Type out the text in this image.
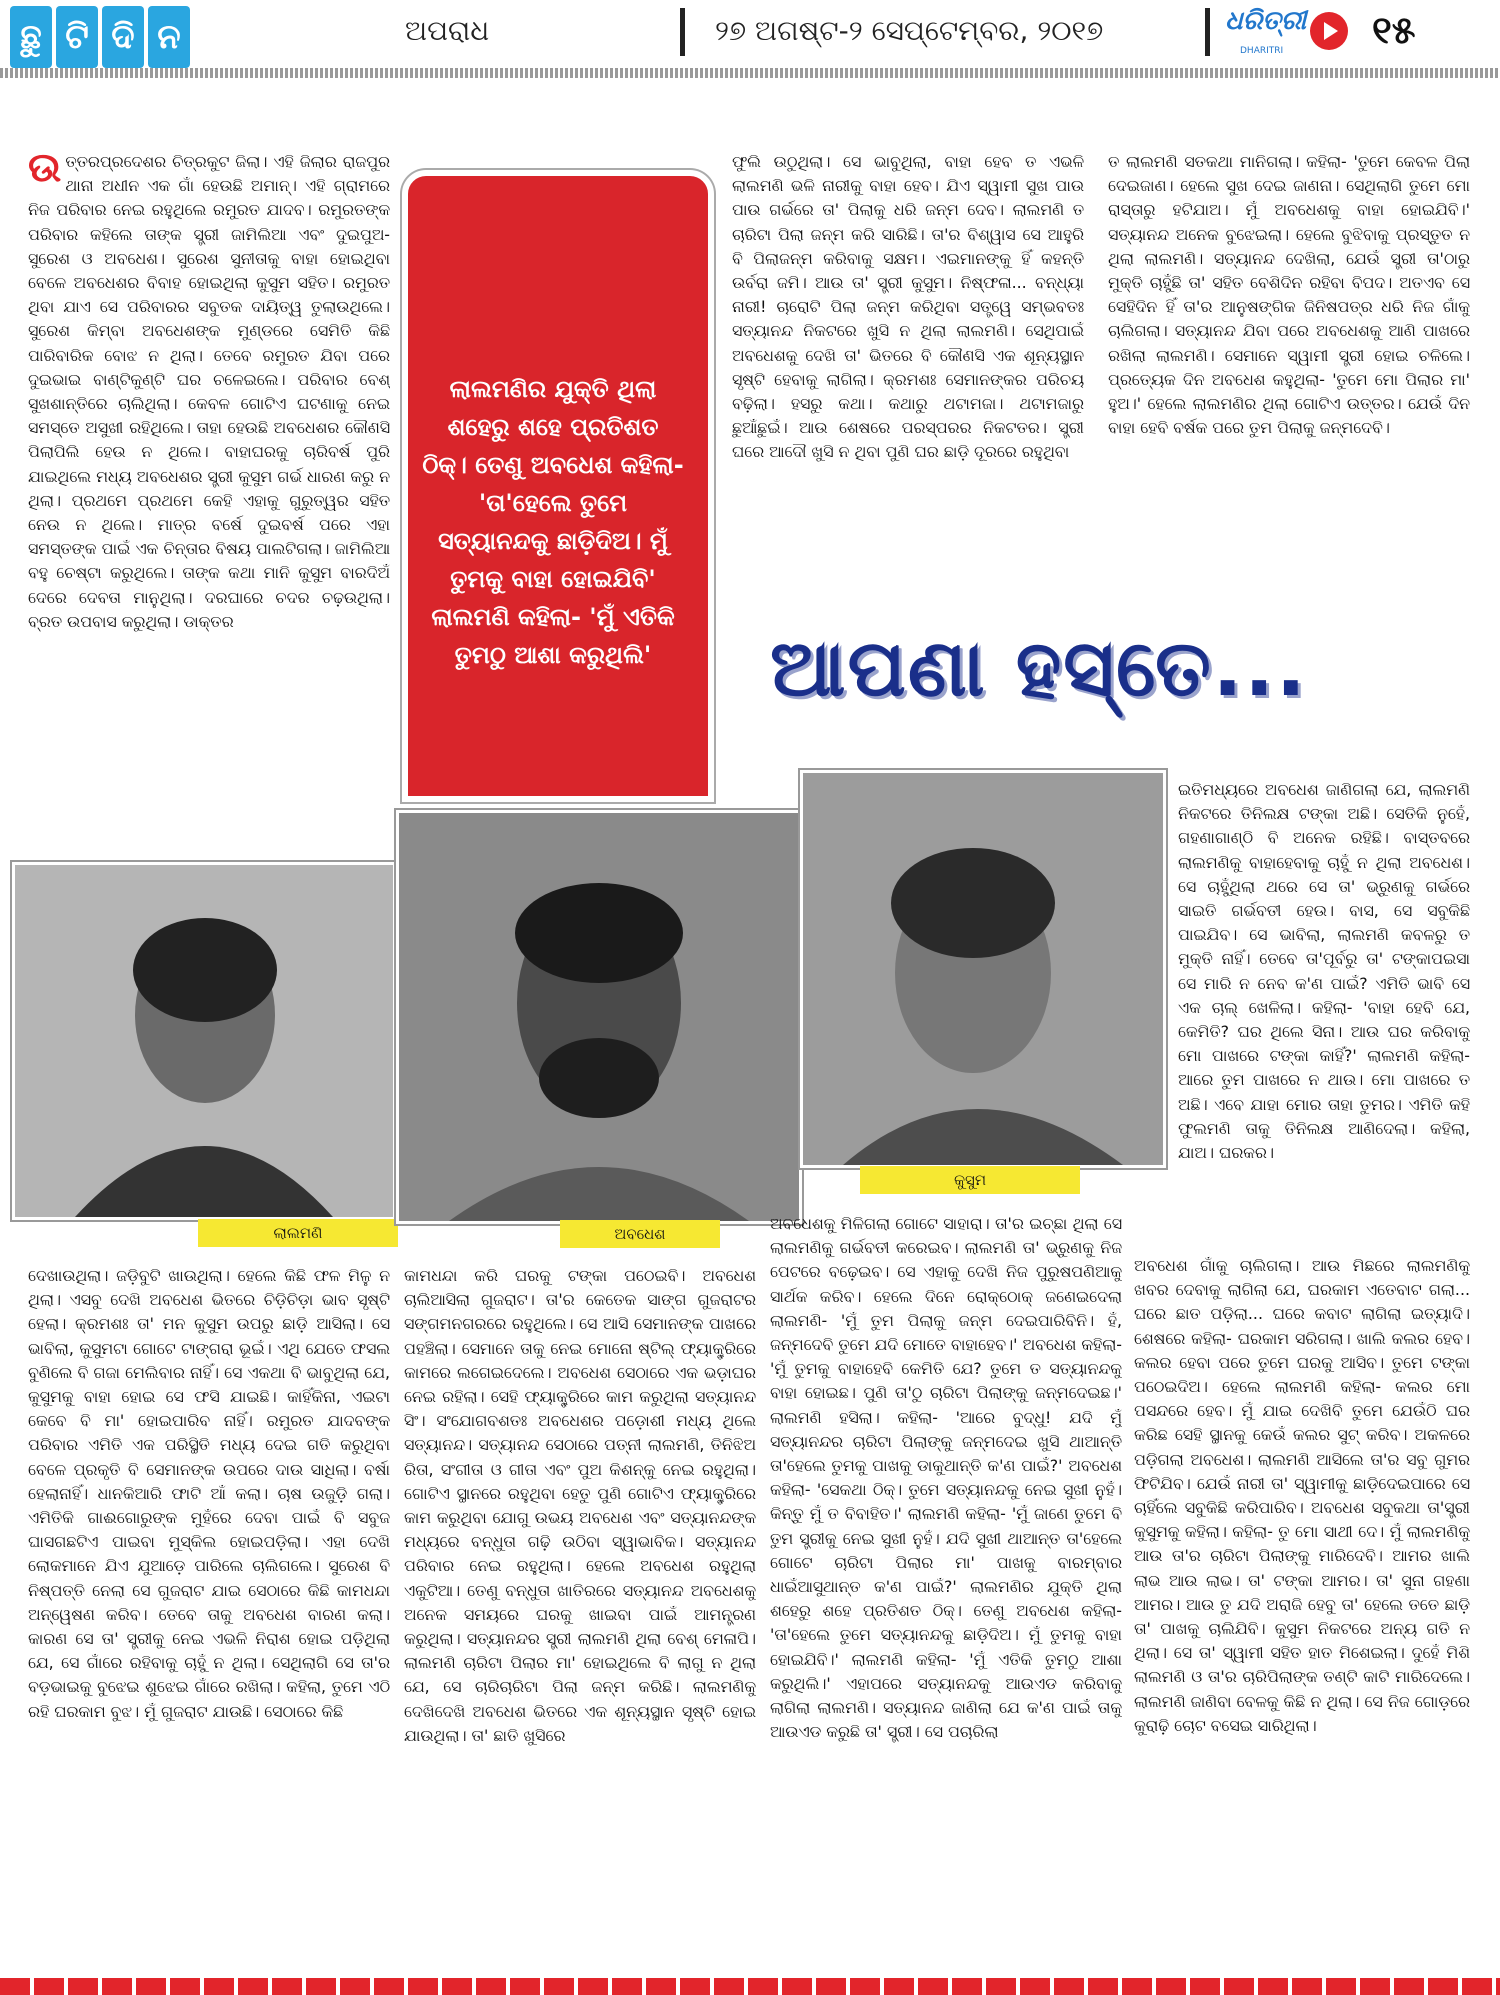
ଛୁ ଟି ଦି ନ	ଅପରାଧ	୨୭ ଅଗଷ୍ଟ-୨ ସେପ୍ଟେମ୍ବର, ୨୦୧୭	ଧରିତ୍ରୀ
DHARITRI ୧୫
ଉତ୍ତରପ୍ରଦେଶର ଚିତ୍ରକୁଟ ଜିଲା। ଏହି ଜିଲାର ରାଜପୁର ଥାନା ଅଧୀନ ଏକ ଗାଁ ହେଉଛି ଅମାନ୍। ଏହି ଗ୍ରାମରେ ନିଜ ପରିବାର ନେଇ ରହୁଥିଲେ ରମୁରତ ଯାଦବ। ରମୁରତଙ୍କ ପରିବାର କହିଲେ ତାଙ୍କ ସ୍ତ୍ରୀ ଜାମିଲିଆ ଏବଂ ଦୁଇପୁଅ- ସୁରେଶ ଓ ଅବଧେଶ। ସୁରେଶ ସୁନୀତାକୁ ବାହା ହୋଇଥିବା ବେଳେ ଅବଧେଶର ବିବାହ ହୋଇଥିଲା କୁସୁମ ସହିତ। ରମୁରତ ଥିବା ଯାଏ ସେ ପରିବାରର ସବୁତକ ଦାୟିତ୍ୱ ତୁଲାଉଥିଲେ। ସୁରେଶ କିମ୍ବା ଅବଧେଶଙ୍କ ମୁଣ୍ଡରେ ସେମିତି କିଛି ପାରିବାରିକ ବୋଝ ନ ଥିଲା। ତେବେ ରମୁରତ ଯିବା ପରେ ଦୁଇଭାଇ ବାଣ୍ଟିକୁଣ୍ଟି ଘର ଚଳେଇଲେ। ପରିବାର ବେଶ୍ ସୁଖଶାନ୍ତିରେ ଚାଲିଥିଲା। କେବଳ ଗୋଟିଏ ଘଟଣାକୁ ନେଇ ସମସ୍ତେ ଅସୁଖୀ ରହିଥିଲେ। ତାହା ହେଉଛି ଅବଧେଶର କୌଣସି ପିଲାପିଲି ହେଉ ନ ଥିଲେ। ବାହାଘରକୁ ଚାରିବର୍ଷ ପୁରି ଯାଇଥିଲେ ମଧ୍ୟ ଅବଧେଶର ସ୍ତ୍ରୀ କୁସୁମ ଗର୍ଭ ଧାରଣ କରୁ ନ ଥିଲା। ପ୍ରଥମେ ପ୍ରଥମେ କେହି ଏହାକୁ ଗୁରୁତ୍ୱର ସହିତ ନେଉ ନ ଥିଲେ। ମାତ୍ର ବର୍ଷେ ଦୁଇବର୍ଷ ପରେ ଏହା ସମସ୍ତଙ୍କ ପାଇଁ ଏକ ଚିନ୍ତାର ବିଷୟ ପାଲଟିଗଲା। ଜାମିଲିଆ ବହୁ ଚେଷ୍ଟା କରୁଥିଲେ। ତାଙ୍କ କଥା ମାନି କୁସୁମ ବାରଦିଅଁ ଦେରେ ଦେବତା ମାନୁଥିଲା। ଦରଘାରେ ଚଦର ଚଢ଼ଉଥିଲା। ବ୍ରତ ଉପବାସ କରୁଥିଲା। ଡାକ୍ତର

ଫୁଲି ଉଠୁଥିଲା। ସେ ଭାବୁଥିଲା, ବାହା ହେବ ତ ଏଭଳି ଲାଲମଣି ଭଳି ନାରୀକୁ ବାହା ହେବ। ଯିଏ ସ୍ୱାମୀ ସୁଖ ପାଉ ପାଉ ଗର୍ଭରେ ତା' ପିଲାକୁ ଧରି ଜନ୍ମ ଦେବ। ଲାଲମଣି ତ ଚାରିଟା ପିଲା ଜନ୍ମ କରି ସାରିଛି। ତା'ର ବିଶ୍ୱାସ ସେ ଆହୁରି ବି ପିଲାଜନ୍ମ କରିବାକୁ ସକ୍ଷମ। ଏଇମାନଙ୍କୁ ହିଁ କହନ୍ତି ଉର୍ବରା ଜମି। ଆଉ ତା' ସ୍ତ୍ରୀ କୁସୁମ। ନିଷ୍ଫଳା... ବନ୍ଧ୍ୟା ନାରୀ! ଚାରୋଟି ପିଲା ଜନ୍ମ କରିଥିବା ସତ୍ତ୍ୱେ ସମ୍ଭବତଃ ସତ୍ୟାନନ୍ଦ ନିକଟରେ ଖୁସି ନ ଥିଲା ଲାଲମଣି। ସେଥିପାଇଁ ଅବଧେଶକୁ ଦେଖି ତା' ଭିତରେ ବି କୌଣସି ଏକ ଶୂନ୍ୟସ୍ଥାନ ସୃଷ୍ଟି ହେବାକୁ ଲାଗିଲା। କ୍ରମଶଃ ସେମାନଙ୍କର ପରିଚୟ ବଢ଼ିଲା। ହସରୁ କଥା। କଥାରୁ ଥଟାମଜା। ଥଟାମଜାରୁ ଛୁଆଁଛୁଇଁ। ଆଉ ଶେଷରେ ପରସ୍ପରର ନିକଟତର। ସ୍ତ୍ରୀ ଘରେ ଆଦୌ ଖୁସି ନ ଥିବା ପୁଣି ଘର ଛାଡ଼ି ଦୂରରେ ରହୁଥିବା

ତ ଲାଲମଣି ସତକଥା ମାନିଗଲା। କହିଲା- 'ତୁମେ କେବଳ ପିଲା ଦେଇଜାଣ। ହେଲେ ସୁଖ ଦେଇ ଜାଣନା। ସେଥିଲାଗି ତୁମେ ମୋ ରାସ୍ତାରୁ ହଟିଯାଅ। ମୁଁ ଅବଧେଶକୁ ବାହା ହୋଇଯିବି।' ସତ୍ୟାନନ୍ଦ ଅନେକ ବୁଝେଇଲା। ହେଲେ ବୁଝିବାକୁ ପ୍ରସ୍ତୁତ ନ ଥିଲା ଲାଲମଣି। ସତ୍ୟାନନ୍ଦ ଦେଖିଲା, ଯେଉଁ ସ୍ତ୍ରୀ ତା'ଠାରୁ ମୁକ୍ତି ଚାହୁଁଛି ତା' ସହିତ ବେଶିଦିନ ରହିବା ବିପଦ। ଅତଏବ ସେ ସେହିଦିନ ହିଁ ତା'ର ଆନୁଷଙ୍ଗିକ ଜିନିଷପତ୍ର ଧରି ନିଜ ଗାଁକୁ ଚାଲିଗଲା। ସତ୍ୟାନନ୍ଦ ଯିବା ପରେ ଅବଧେଶକୁ ଆଣି ପାଖରେ ରଖିଲା ଲାଲମଣି। ସେମାନେ ସ୍ୱାମୀ ସ୍ତ୍ରୀ ହୋଇ ଚଳିଲେ। ପ୍ରତ୍ୟେକ ଦିନ ଅବଧେଶ କହୁଥିଲା- 'ତୁମେ ମୋ ପିଲାର ମା' ହୁଅ।' ହେଲେ ଲାଲମଣିର ଥିଲା ଗୋଟିଏ ଉତ୍ତର। ଯେଉଁ ଦିନ ବାହା ହେବି ବର୍ଷକ ପରେ ତୁମ ପିଲାକୁ ଜନ୍ମଦେବି।

ଲାଲମଣିର ଯୁକ୍ତି ଥିଲା ଶହେରୁ ଶହେ ପ୍ରତିଶତ ଠିକ୍। ତେଣୁ ଅବଧେଶ କହିଲା- 'ତା'ହେଲେ ତୁମେ ସତ୍ୟାନନ୍ଦକୁ ଛାଡ଼ିଦିଅ। ମୁଁ ତୁମକୁ ବାହା ହୋଇଯିବି' ଲାଲମଣି କହିଲା- 'ମୁଁ ଏତିକି ତୁମଠୁ ଆଶା କରୁଥିଲି'	ଆପଣା ହସ୍ତେ...

ଇତିମଧ୍ୟରେ ଅବଧେଶ ଜାଣିଗଲା ଯେ, ଲାଲମଣି ନିକଟରେ ତିନିଲକ୍ଷ ଟଙ୍କା ଅଛି। ସେତିକି ନୁହେଁ, ଗହଣାଗାଣ୍ଠି ବି ଅନେକ ରହିଛି। ବାସ୍ତବରେ ଲାଲମଣିକୁ ବାହାହେବାକୁ ଚାହୁଁ ନ ଥିଲା ଅବଧେଶ। ସେ ଚାହୁଁଥିଲା ଥରେ ସେ ତା' ଭ୍ରୁଣକୁ ଗର୍ଭରେ ସାଇତି ଗର୍ଭବତୀ ହେଉ। ବାସ, ସେ ସବୁକିଛି ପାଇଯିବ। ସେ ଭାବିଲା, ଲାଲମଣି କବଳରୁ ତ ମୁକ୍ତି ନାହିଁ। ତେବେ ତା'ପୂର୍ବରୁ ତା' ଟଙ୍କାପଇସା ସେ ମାରି ନ ନେବ କ'ଣ ପାଇଁ? ଏମିତି ଭାବି ସେ ଏକ ଚାଲ୍ ଖେଳିଲା। କହିଲା- 'ବାହା ହେବି ଯେ, କେମିତି? ଘର ଥିଲେ ସିନା। ଆଉ ଘର କରିବାକୁ ମୋ ପାଖରେ ଟଙ୍କା କାହିଁ?' ଲାଲମଣି କହିଲା- ଆରେ ତୁମ ପାଖରେ ନ ଥାଉ। ମୋ ପାଖରେ ତ ଅଛି। ଏବେ ଯାହା ମୋର ତାହା ତୁମର। ଏମିତି କହି ଫୁଲମଣି ତାକୁ ତିନିଲକ୍ଷ ଆଣିଦେଲା। କହିଲା, ଯାଅ। ଘରକର।

ଲାଲମଣି	ଅବଧେଶ
କୁସୁମ

ଦେଖାଉଥିଲା। ଜଡ଼ିବୁଟି ଖାଉଥିଲା। ହେଲେ କିଛି ଫଳ ମିଳୁ ନ ଥିଲା। ଏସବୁ ଦେଖି ଅବଧେଶ ଭିତରେ ଚିଡ଼ିଚିଡ଼ା ଭାବ ସୃଷ୍ଟି ହେଲା। କ୍ରମଶଃ ତା' ମନ କୁସୁମ ଉପରୁ ଛାଡ଼ି ଆସିଲା। ସେ ଭାବିଲା, କୁସୁମଟା ଗୋଟେ ଟାଙ୍ଗରା ଭୂଇଁ। ଏଥି ଯେତେ ଫସଲ ବୁଣିଲେ ବି ଗଜା ମେଲିବାର ନାହିଁ। ସେ ଏକଥା ବି ଭାବୁଥିଲା ଯେ, କୁସୁମକୁ ବାହା ହୋଇ ସେ ଫସି ଯାଇଛି। କାହିଁକିନା, ଏଇଟା କେବେ ବି ମା' ହୋଇପାରିବ ନାହିଁ। ରମୁରତ ଯାଦବଙ୍କ ପରିବାର ଏମିତି ଏକ ପରିସ୍ଥିତି ମଧ୍ୟ ଦେଇ ଗତି କରୁଥିବା ବେଳେ ପ୍ରକୃତି ବି ସେମାନଙ୍କ ଉପରେ ଦାଉ ସାଧିଲା। ବର୍ଷା ହେଲାନାହିଁ। ଧାନକିଆରି ଫାଟି ଆଁ କଲା। ଚାଷ ଉଜୁଡ଼ି ଗଲା। ଏମିତିକି ଗାଈଗୋରୁଙ୍କ ମୁହଁରେ ଦେବା ପାଇଁ ବି ସବୁଜ ଘାସଗଛଟିଏ ପାଇବା ମୁସ୍କିଲ ହୋଇପଡ଼ିଲା। ଏହା ଦେଖି ଲୋକମାନେ ଯିଏ ଯୁଆଡ଼େ ପାରିଲେ ଚାଲିଗଲେ। ସୁରେଶ ବି ନିଷ୍ପତ୍ତି ନେଲା ସେ ଗୁଜରାଟ ଯାଇ ସେଠାରେ କିଛି କାମଧନ୍ଦା ଅନ୍ୱେଷଣ କରିବ। ତେବେ ତାକୁ ଅବଧେଶ ବାରଣ କଲା। କାରଣ ସେ ତା' ସ୍ତ୍ରୀକୁ ନେଇ ଏଭଳି ନିରାଶ ହୋଇ ପଡ଼ିଥିଲା ଯେ, ସେ ଗାଁରେ ରହିବାକୁ ଚାହୁଁ ନ ଥିଲା। ସେଥିଲାଗି ସେ ତା'ର ବଡ଼ଭାଇକୁ ବୁଝେଇ ଶୁଝେଇ ଗାଁରେ ରଖିଲା। କହିଲା, ତୁମେ ଏଠି ରହି ଘରକାମ ବୁଝ। ମୁଁ ଗୁଜରାଟ ଯାଉଛି। ସେଠାରେ କିଛି

କାମଧନ୍ଦା କରି ଘରକୁ ଟଙ୍କା ପଠେଇବି। ଅବଧେଶ ଚାଲିଆସିଲା ଗୁଜରାଟ। ତା'ର କେତେକ ସାଙ୍ଗ ଗୁଜରାଟର ସଙ୍ଗମନଗରରେ ରହୁଥିଲେ। ସେ ଆସି ସେମାନଙ୍କ ପାଖରେ ପହଞ୍ଚିଲା। ସେମାନେ ତାକୁ ନେଇ ମୋନୋ ଷ୍ଟିଲ୍ ଫ୍ୟାକ୍ଟ୍ରିରେ କାମରେ ଲଗେଇଦେଲେ। ଅବଧେଶ ସେଠାରେ ଏକ ଭଡ଼ାଘର ନେଇ ରହିଲା। ସେହି ଫ୍ୟାକ୍ଟ୍ରିରେ କାମ କରୁଥିଲା ସତ୍ୟାନନ୍ଦ ସିଂ। ସଂଯୋଗବଶତଃ ଅବଧେଶର ପଡ଼ୋଶୀ ମଧ୍ୟ ଥିଲେ ସତ୍ୟାନନ୍ଦ। ସତ୍ୟାନନ୍ଦ ସେଠାରେ ପତ୍ନୀ ଲାଲମଣି, ତିନିଝିଅ ରିତା, ସଂଗୀତା ଓ ଗୀତା ଏବଂ ପୁଅ କିଶନ୍‌କୁ ନେଇ ରହୁଥିଲା। ଗୋଟିଏ ସ୍ଥାନରେ ରହୁଥିବା ହେତୁ ପୁଣି ଗୋଟିଏ ଫ୍ୟାକ୍ଟ୍ରିରେ କାମ କରୁଥିବା ଯୋଗୁ ଉଭୟ ଅବଧେଶ ଏବଂ ସତ୍ୟାନନ୍ଦଙ୍କ ମଧ୍ୟରେ ବନ୍ଧୁତା ଗଢ଼ି ଉଠିବା ସ୍ୱାଭାବିକ। ସତ୍ୟାନନ୍ଦ ପରିବାର ନେଇ ରହୁଥିଲା। ହେଲେ ଅବଧେଶ ରହୁଥିଲା ଏକୁଟିଆ। ତେଣୁ ବନ୍ଧୁତା ଖାତିରରେ ସତ୍ୟାନନ୍ଦ ଅବଧେଶକୁ ଅନେକ ସମୟରେ ଘରକୁ ଖାଇବା ପାଇଁ ଆମନ୍ତ୍ରଣ କରୁଥିଲା। ସତ୍ୟାନନ୍ଦର ସ୍ତ୍ରୀ ଲାଲମଣି ଥିଲା ବେଶ୍ ମେଳାପି। ଲାଲମଣି ଚାରିଟା ପିଲାର ମା' ହୋଇଥିଲେ ବି ଲାଗୁ ନ ଥିଲା ଯେ, ସେ ଚାରିଚାରିଟା ପିଲା ଜନ୍ମ କରିଛି। ଲାଲମଣିକୁ ଦେଖିଦେଖି ଅବଧେଶ ଭିତରେ ଏକ ଶୂନ୍ୟସ୍ଥାନ ସୃଷ୍ଟି ହୋଇ ଯାଉଥିଲା। ତା' ଛାତି ଖୁସିରେ

ଅବଧେଶକୁ ମିଳିଗଲା ଗୋଟେ ସାହାରା। ତା'ର ଇଚ୍ଛା ଥିଲା ସେ ଲାଲମଣିକୁ ଗର୍ଭବତୀ କରେଇବ। ଲାଲମଣି ତା' ଭ୍ରୁଣକୁ ନିଜ ପେଟରେ ବଢ଼େଇବ। ସେ ଏହାକୁ ଦେଖି ନିଜ ପୁରୁଷପଣିଆକୁ ସାର୍ଥକ କରିବ। ହେଲେ ଦିନେ ରୋକ୍‌ଠୋକ୍ ଜଣେଇଦେଲା ଲାଲମଣି- 'ମୁଁ ତୁମ ପିଲାକୁ ଜନ୍ମ ଦେଇପାରିବିନି। ହଁ, ଜନ୍ମଦେବି ତୁମେ ଯଦି ମୋତେ ବାହାହେବ।' ଅବଧେଶ କହିଲା- 'ମୁଁ ତୁମକୁ ବାହାହେବି କେମିତି ଯେ? ତୁମେ ତ ସତ୍ୟାନନ୍ଦକୁ ବାହା ହୋଇଛ। ପୁଣି ତା'ଠୁ ଚାରିଟା ପିଲାଙ୍କୁ ଜନ୍ମଦେଇଛ।' ଲାଲମଣି ହସିଲା। କହିଲା- 'ଆରେ ବୁଦ୍ଧୁ! ଯଦି ମୁଁ ସତ୍ୟାନନ୍ଦର ଚାରିଟା ପିଲାଙ୍କୁ ଜନ୍ମଦେଇ ଖୁସି ଥାଆନ୍ତି ତା'ହେଲେ ତୁମକୁ ପାଖକୁ ଡାକୁଥାନ୍ତି କ'ଣ ପାଇଁ?' ଅବଧେଶ କହିଲା- 'ସେକଥା ଠିକ୍। ତୁମେ ସତ୍ୟାନନ୍ଦକୁ ନେଇ ସୁଖୀ ନୁହଁ। କିନ୍ତୁ ମୁଁ ତ ବିବାହିତ।' ଲାଲମଣି କହିଲା- 'ମୁଁ ଜାଣେ ତୁମେ ବି ତୁମ ସ୍ତ୍ରୀକୁ ନେଇ ସୁଖୀ ନୁହଁ। ଯଦି ସୁଖୀ ଥାଆନ୍ତ ତା'ହେଲେ ଗୋଟେ ଚାରିଟା ପିଲାର ମା' ପାଖକୁ ବାରମ୍ବାର ଧାଇଁଆସୁଥାନ୍ତ କ'ଣ ପାଇଁ?' ଲାଲମଣିର ଯୁକ୍ତି ଥିଲା ଶହେରୁ ଶହେ ପ୍ରତିଶତ ଠିକ୍। ତେଣୁ ଅବଧେଶ କହିଲା- 'ତା'ହେଲେ ତୁମେ ସତ୍ୟାନନ୍ଦକୁ ଛାଡ଼ିଦିଅ। ମୁଁ ତୁମକୁ ବାହା ହୋଇଯିବି।' ଲାଲମଣି କହିଲା- 'ମୁଁ ଏତିକି ତୁମଠୁ ଆଶା କରୁଥିଲି।' ଏହାପରେ ସତ୍ୟାନନ୍ଦକୁ ଆଉଏଡ କରିବାକୁ ଲାଗିଲା ଲାଲମଣି। ସତ୍ୟାନନ୍ଦ ଜାଣିଲା ଯେ କ'ଣ ପାଇଁ ତାକୁ ଆଉଏଡ କରୁଛି ତା' ସ୍ତ୍ରୀ। ସେ ପଚାରିଲା

ଅବଧେଶ ଗାଁକୁ ଚାଲିଗଲା। ଆଉ ମିଛରେ ଲାଲମଣିକୁ ଖବର ଦେବାକୁ ଲାଗିଲା ଯେ, ଘରକାମ ଏତେବାଟ ଗଲା... ଘରେ ଛାତ ପଡ଼ିଲା... ଘରେ କବାଟ ଲାଗିଲା ଇତ୍ୟାଦି। ଶେଷରେ କହିଲା- ଘରକାମ ସରିଗଲା। ଖାଲି କଲର ହେବ। କଲର ହେବା ପରେ ତୁମେ ଘରକୁ ଆସିବ। ତୁମେ ଟଙ୍କା ପଠେଇଦିଅ। ହେଲେ ଲାଲମଣି କହିଲା- କଲର ମୋ ପସନ୍ଦରେ ହେବ। ମୁଁ ଯାଇ ଦେଖିବି ତୁମେ ଯେଉଁଠି ଘର କରିଛ ସେହି ସ୍ଥାନକୁ କେଉଁ କଲର ସୁଟ୍ କରିବ। ଅକଳରେ ପଡ଼ିଗଲା ଅବଧେଶ। ଲାଲମଣି ଆସିଲେ ତା'ର ସବୁ ଗୁମର ଫିଟିଯିବ। ଯେଉଁ ନାରୀ ତା' ସ୍ୱାମୀକୁ ଛାଡ଼ିଦେଇପାରେ ସେ ଚାହିଁଲେ ସବୁକିଛି କରିପାରିବ। ଅବଧେଶ ସବୁକଥା ତା'ସ୍ତ୍ରୀ କୁସୁମକୁ କହିଲା। କହିଲା- ତୁ ମୋ ସାଥୀ ଦେ। ମୁଁ ଲାଲମଣିକୁ ଆଉ ତା'ର ଚାରିଟା ପିଲାଙ୍କୁ ମାରିଦେବି। ଆମର ଖାଲି ଲାଭ ଆଉ ଲାଭ। ତା' ଟଙ୍କା ଆମର। ତା' ସୁନା ଗହଣା ଆମର। ଆଉ ତୁ ଯଦି ଅରାଜି ହେବୁ ତା' ହେଲେ ତତେ ଛାଡ଼ି ତା' ପାଖକୁ ଚାଲିଯିବି। କୁସୁମ ନିକଟରେ ଅନ୍ୟ ଗତି ନ ଥିଲା। ସେ ତା' ସ୍ୱାମୀ ସହିତ ହାତ ମିଶେଇଲା। ଦୁହେଁ ମିଶି ଲାଲମଣି ଓ ତା'ର ଚାରିପିଲାଙ୍କ ତଣ୍ଟି କାଟି ମାରିଦେଲେ। ଲାଲମଣି ଜାଣିବା ବେଳକୁ କିଛି ନ ଥିଲା। ସେ ନିଜ ଗୋଡ଼ରେ କୁରାଢ଼ି ଚୋଟ ବସେଇ ସାରିଥିଲା।
